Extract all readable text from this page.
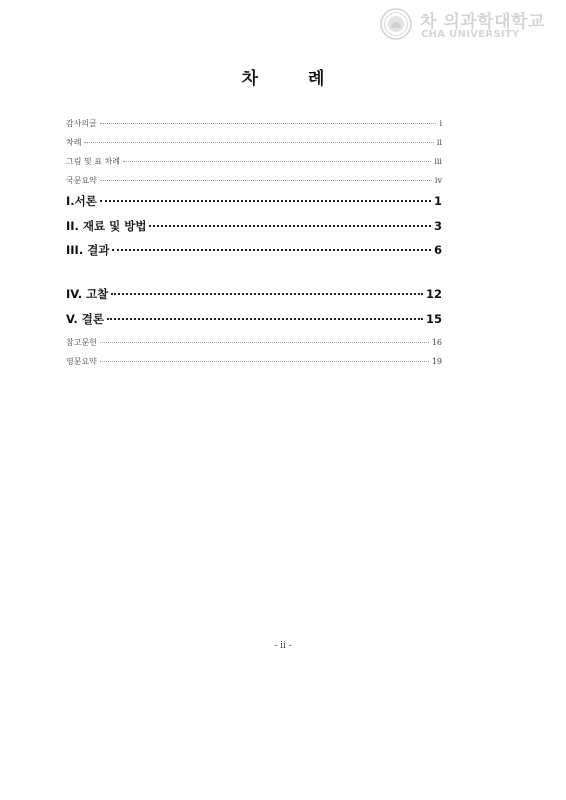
차 의과학대학교
CHA UNIVERSITY
차 례
감사의글	i
차례	ii
그림 및 표 차례	iii
국문요약	iv
I.서론	1
II. 재료 및 방법	3
III. 결과	6
IV. 고찰	12
V. 결론	15
참고문헌	16
영문요약	19
- ii -
